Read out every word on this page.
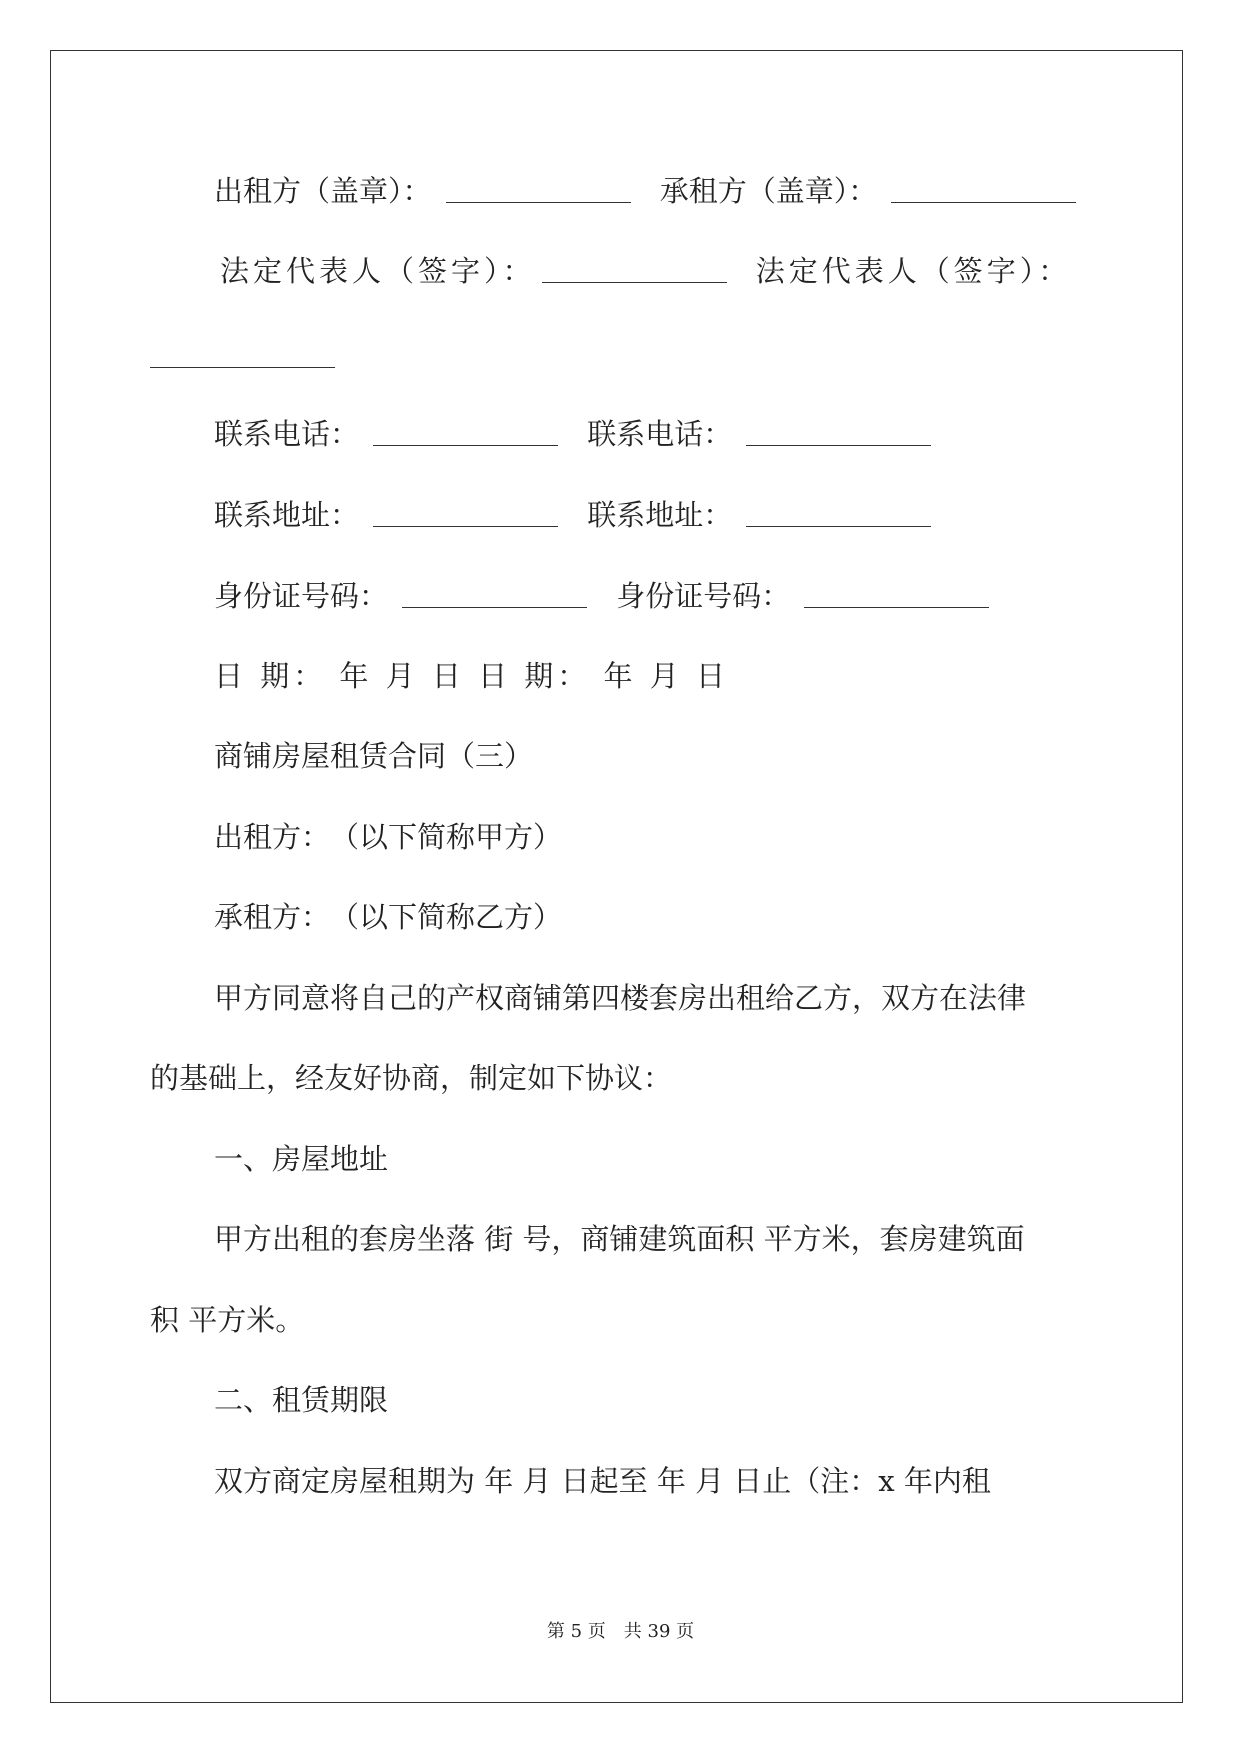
出租方（盖章）：	承租方（盖章）：
法定代表人（签字）：	法定代表人（签字）：
联系电话：	联系电话：
联系地址：	联系地址：
身份证号码：	身份证号码：
日 期： 年 月 日 日 期： 年 月 日
商铺房屋租赁合同（三）
出租方：　（以下简称甲方）
承租方：　（以下简称乙方）
甲方同意将自己的产权商铺第四楼套房出租给乙方，双方在法律
的基础上，经友好协商，制定如下协议：
一、房屋地址
甲方出租的套房坐落 街 号，商铺建筑面积 平方米，套房建筑面
积 平方米。
二、租赁期限
双方商定房屋租期为 年 月 日起至 年 月 日止（注：x 年内租
第 5 页　共 39 页
